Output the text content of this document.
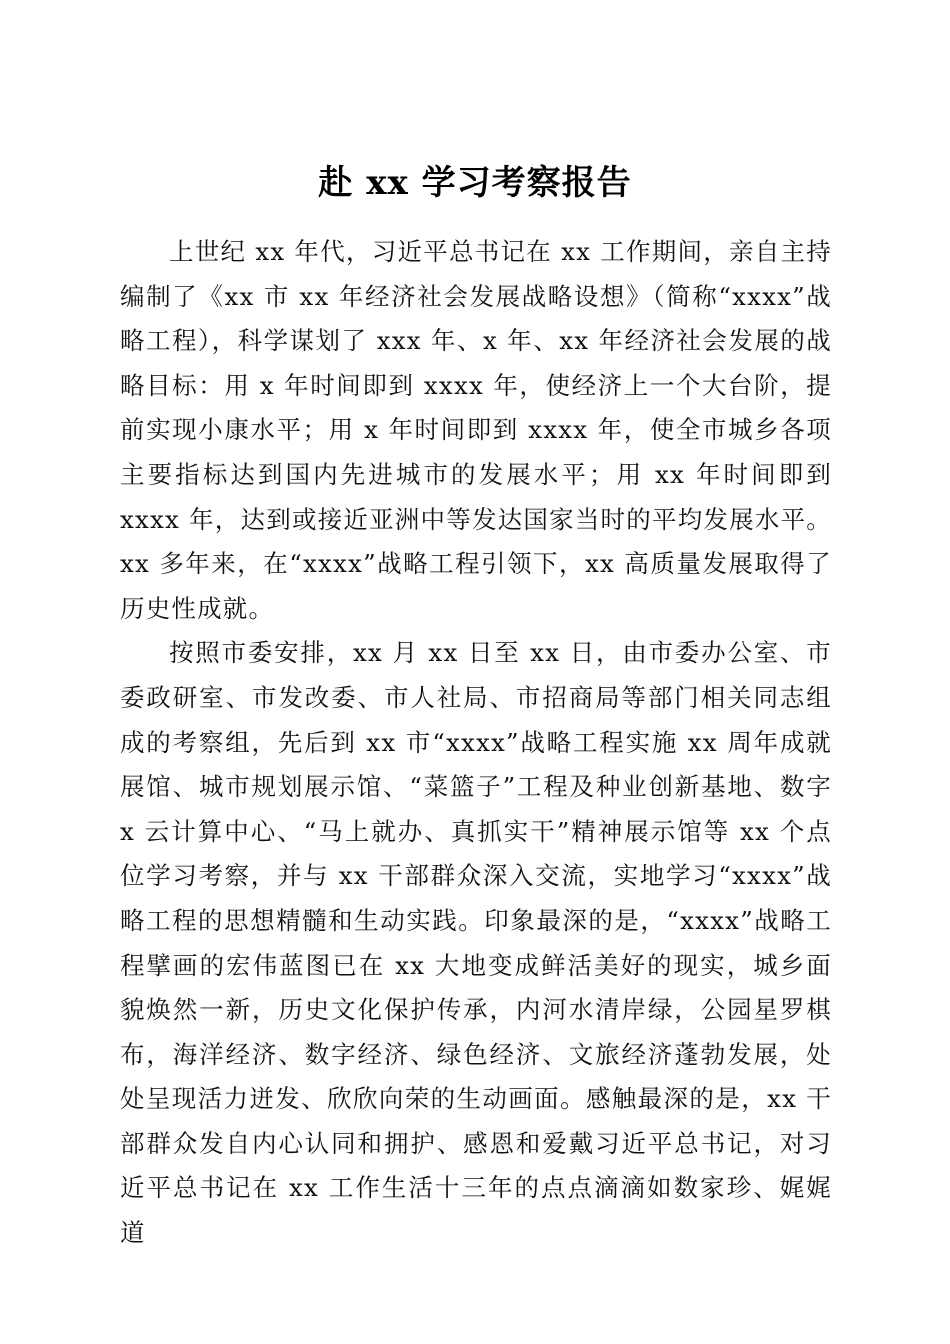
赴 xx 学习考察报告

上世纪 xx 年代，习近平总书记在 xx 工作期间，亲自主持编制了《xx 市 xx 年经济社会发展战略设想》（简称“xxxx”战略工程），科学谋划了 xxx 年、x 年、xx 年经济社会发展的战略目标：用 x 年时间即到 xxxx 年，使经济上一个大台阶，提前实现小康水平；用 x 年时间即到 xxxx 年，使全市城乡各项主要指标达到国内先进城市的发展水平；用 xx 年时间即到 xxxx 年，达到或接近亚洲中等发达国家当时的平均发展水平。xx 多年来，在“xxxx”战略工程引领下，xx 高质量发展取得了历史性成就。

按照市委安排，xx 月 xx 日至 xx 日，由市委办公室、市委政研室、市发改委、市人社局、市招商局等部门相关同志组成的考察组，先后到 xx 市“xxxx”战略工程实施 xx 周年成就展馆、城市规划展示馆、“菜篮子”工程及种业创新基地、数字 x 云计算中心、“马上就办、真抓实干”精神展示馆等 xx 个点位学习考察，并与 xx 干部群众深入交流，实地学习“xxxx”战略工程的思想精髓和生动实践。印象最深的是，“xxxx”战略工程擘画的宏伟蓝图已在 xx 大地变成鲜活美好的现实，城乡面貌焕然一新，历史文化保护传承，内河水清岸绿，公园星罗棋布，海洋经济、数字经济、绿色经济、文旅经济蓬勃发展，处处呈现活力迸发、欣欣向荣的生动画面。感触最深的是，xx 干部群众发自内心认同和拥护、感恩和爱戴习近平总书记，对习近平总书记在 xx 工作生活十三年的点点滴滴如数家珍、娓娓道
